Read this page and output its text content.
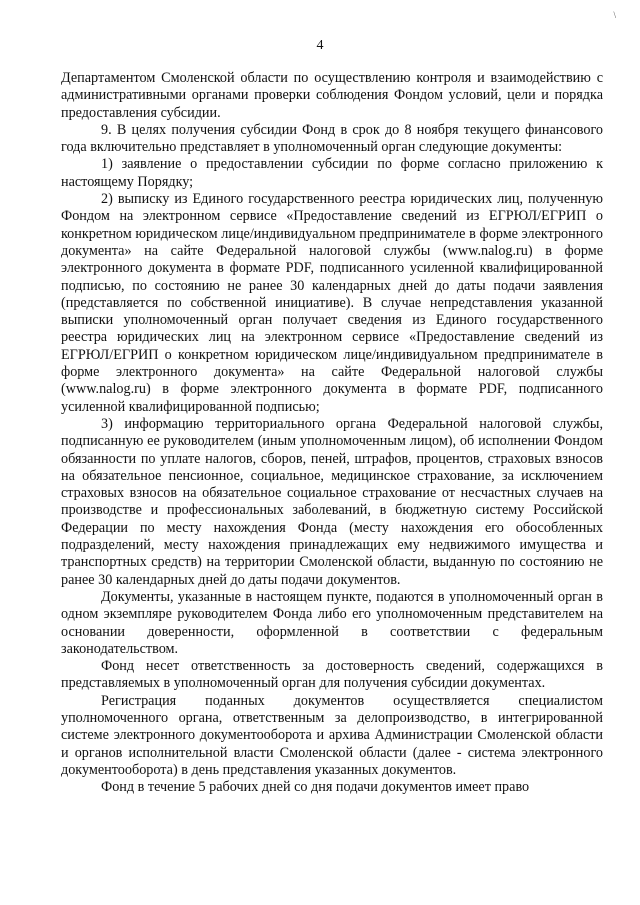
\
4

Департаментом Смоленской области по осуществлению контроля и взаимодействию с административными органами проверки соблюдения Фондом условий, цели и порядка предоставления субсидии.

9. В целях получения субсидии Фонд в срок до 8 ноября текущего финансового года включительно представляет в уполномоченный орган следующие документы:

1) заявление о предоставлении субсидии по форме согласно приложению к настоящему Порядку;

2) выписку из Единого государственного реестра юридических лиц, полученную Фондом на электронном сервисе «Предоставление сведений из ЕГРЮЛ/ЕГРИП о конкретном юридическом лице/индивидуальном предпринимателе в форме электронного документа» на сайте Федеральной налоговой службы (www.nalog.ru) в форме электронного документа в формате PDF, подписанного усиленной квалифицированной подписью, по состоянию не ранее 30 календарных дней до даты подачи заявления (представляется по собственной инициативе). В случае непредставления указанной выписки уполномоченный орган получает сведения из Единого государственного реестра юридических лиц на электронном сервисе «Предоставление сведений из ЕГРЮЛ/ЕГРИП о конкретном юридическом лице/индивидуальном предпринимателе в форме электронного документа» на сайте Федеральной налоговой службы (www.nalog.ru) в форме электронного документа в формате PDF, подписанного усиленной квалифицированной подписью;

3) информацию территориального органа Федеральной налоговой службы, подписанную ее руководителем (иным уполномоченным лицом), об исполнении Фондом обязанности по уплате налогов, сборов, пеней, штрафов, процентов, страховых взносов на обязательное пенсионное, социальное, медицинское страхование, за исключением страховых взносов на обязательное социальное страхование от несчастных случаев на производстве и профессиональных заболеваний, в бюджетную систему Российской Федерации по месту нахождения Фонда (месту нахождения его обособленных подразделений, месту нахождения принадлежащих ему недвижимого имущества и транспортных средств) на территории Смоленской области, выданную по состоянию не ранее 30 календарных дней до даты подачи документов.

Документы, указанные в настоящем пункте, подаются в уполномоченный орган в одном экземпляре руководителем Фонда либо его уполномоченным представителем на основании доверенности, оформленной в соответствии с федеральным законодательством.

Фонд несет ответственность за достоверность сведений, содержащихся в представляемых в уполномоченный орган для получения субсидии документах.

Регистрация поданных документов осуществляется специалистом уполномоченного органа, ответственным за делопроизводство, в интегрированной системе электронного документооборота и архива Администрации Смоленской области и органов исполнительной власти Смоленской области (далее - система электронного документооборота) в день представления указанных документов.

Фонд в течение 5 рабочих дней со дня подачи документов имеет право
